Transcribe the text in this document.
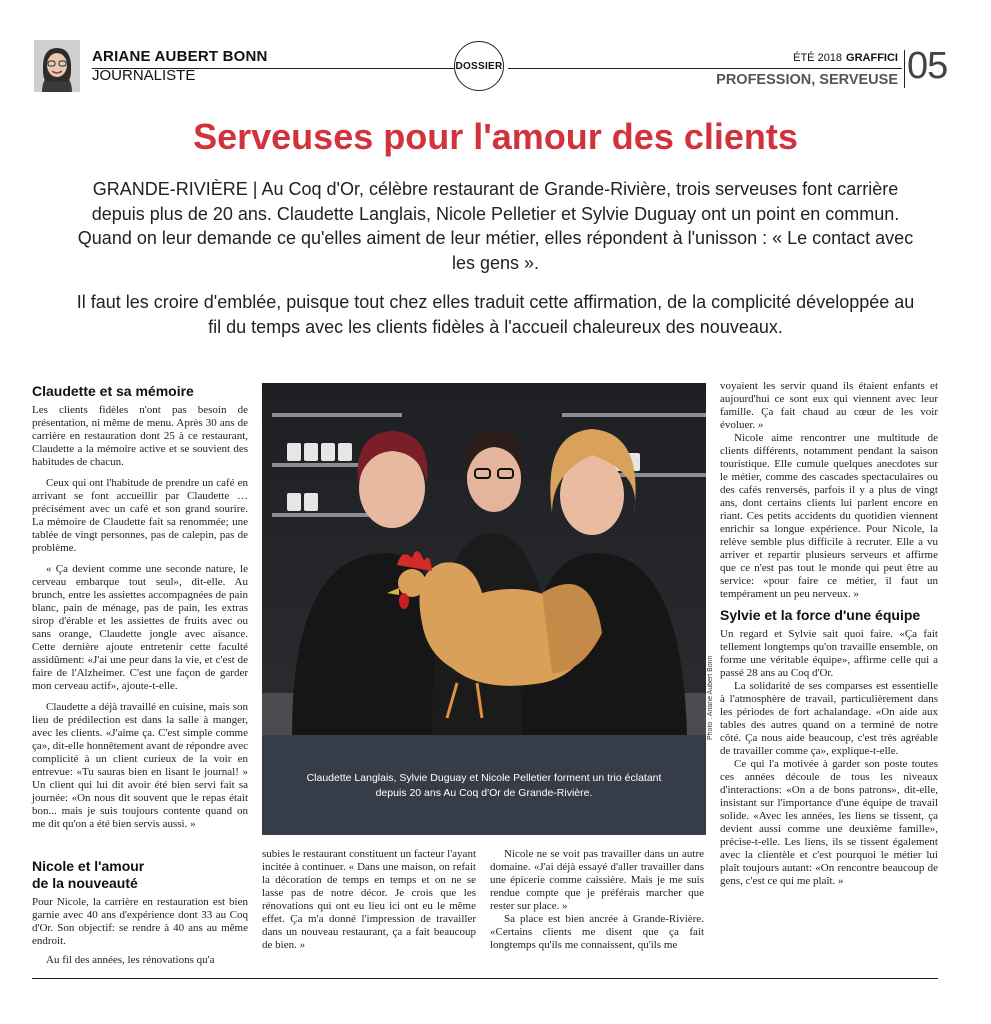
ARIANE AUBERT BONN
JOURNALISTE
DOSSIER
ÉTÉ 2018 GRAFFICI
PROFESSION, SERVEUSE 05
Serveuses pour l'amour des clients
GRANDE-RIVIÈRE | Au Coq d'Or, célèbre restaurant de Grande-Rivière, trois serveuses font carrière depuis plus de 20 ans. Claudette Langlais, Nicole Pelletier et Sylvie Duguay ont un point en commun. Quand on leur demande ce qu'elles aiment de leur métier, elles répondent à l'unisson : « Le contact avec les gens ».
Il faut les croire d'emblée, puisque tout chez elles traduit cette affirmation, de la complicité développée au fil du temps avec les clients fidèles à l'accueil chaleureux des nouveaux.
Claudette et sa mémoire

Les clients fidèles n'ont pas besoin de présentation, ni même de menu. Après 30 ans de carrière en restauration dont 25 à ce restaurant, Claudette a la mémoire active et se souvient des habitudes de chacun.

Ceux qui ont l'habitude de prendre un café en arrivant se font accueillir par Claudette … précisément avec un café et son grand sourire. La mémoire de Claudette fait sa renommée; une tablée de vingt personnes, pas de calepin, pas de problème.

« Ça devient comme une seconde nature, le cerveau embarque tout seul», dit-elle. Au brunch, entre les assiettes accompagnées de pain blanc, pain de ménage, pas de pain, les extras sirop d'érable et les assiettes de fruits avec ou sans orange, Claudette jongle avec aisance. Cette dernière ajoute entretenir cette faculté assidûment: «J'ai une peur dans la vie, et c'est de faire de l'Alzheimer. C'est une façon de garder mon cerveau actif», ajoute-t-elle.

Claudette a déjà travaillé en cuisine, mais son lieu de prédilection est dans la salle à manger, avec les clients. «J'aime ça. C'est simple comme ça», dit-elle honnêtement avant de répondre avec complicité à un client curieux de la voir en entrevue: «Tu sauras bien en lisant le journal! » Un client qui lui dit avoir été bien servi fait sa journée: «On nous dit souvent que le repas était bon... mais je suis toujours contente quand on me dit qu'on a été bien servis aussi. »

Nicole et l'amour
de la nouveauté

Pour Nicole, la carrière en restauration est bien garnie avec 40 ans d'expérience dont 33 au Coq d'Or. Son objectif: se rendre à 40 ans au même endroit.

Au fil des années, les rénovations qu'a

Photo : Ariane Aubert Bonn
Claudette Langlais, Sylvie Duguay et Nicole Pelletier forment un trio éclatant depuis 20 ans Au Coq d'Or de Grande-Rivière.

subies le restaurant constituent un facteur l'ayant incitée à continuer. « Dans une maison, on refait la décoration de temps en temps et on ne se lasse pas de notre décor. Je crois que les rénovations qui ont eu lieu ici ont eu le même effet. Ça m'a donné l'impression de travailler dans un nouveau restaurant, ça a fait beaucoup de bien. »

Nicole ne se voit pas travailler dans un autre domaine. «J'ai déjà essayé d'aller travailler dans une épicerie comme caissière. Mais je me suis rendue compte que je préférais marcher que rester sur place. »

Sa place est bien ancrée à Grande-Rivière. «Certains clients me disent que ça fait longtemps qu'ils me connaissent, qu'ils me

voyaient les servir quand ils étaient enfants et aujourd'hui ce sont eux qui viennent avec leur famille. Ça fait chaud au cœur de les voir évoluer. »

Nicole aime rencontrer une multitude de clients différents, notamment pendant la saison touristique. Elle cumule quelques anecdotes sur le métier, comme des cascades spectaculaires ou des cafés renversés, parfois il y a plus de vingt ans, dont certains clients lui parlent encore en riant. Ces petits accidents du quotidien viennent enrichir sa longue expérience. Pour Nicole, la relève semble plus difficile à recruter. Elle a vu arriver et repartir plusieurs serveurs et affirme que ce n'est pas tout le monde qui peut être au service: «pour faire ce métier, il faut un tempérament un peu nerveux. »

Sylvie et la force d'une équipe

Un regard et Sylvie sait quoi faire. «Ça fait tellement longtemps qu'on travaille ensemble, on forme une véritable équipe», affirme celle qui a passé 28 ans au Coq d'Or.

La solidarité de ses comparses est essentielle à l'atmosphère de travail, particulièrement dans les périodes de fort achalandage. «On aide aux tables des autres quand on a terminé de notre côté. Ça nous aide beaucoup, c'est très agréable de travailler comme ça», explique-t-elle.

Ce qui l'a motivée à garder son poste toutes ces années découle de tous les niveaux d'interactions: «On a de bons patrons», dit-elle, insistant sur l'importance d'une équipe de travail solide. «Avec les années, les liens se tissent, ça devient aussi comme une deuxième famille», précise-t-elle. Les liens, ils se tissent également avec la clientèle et c'est pourquoi le métier lui plaît toujours autant: «On rencontre beaucoup de gens, c'est ce qui me plaît. »
